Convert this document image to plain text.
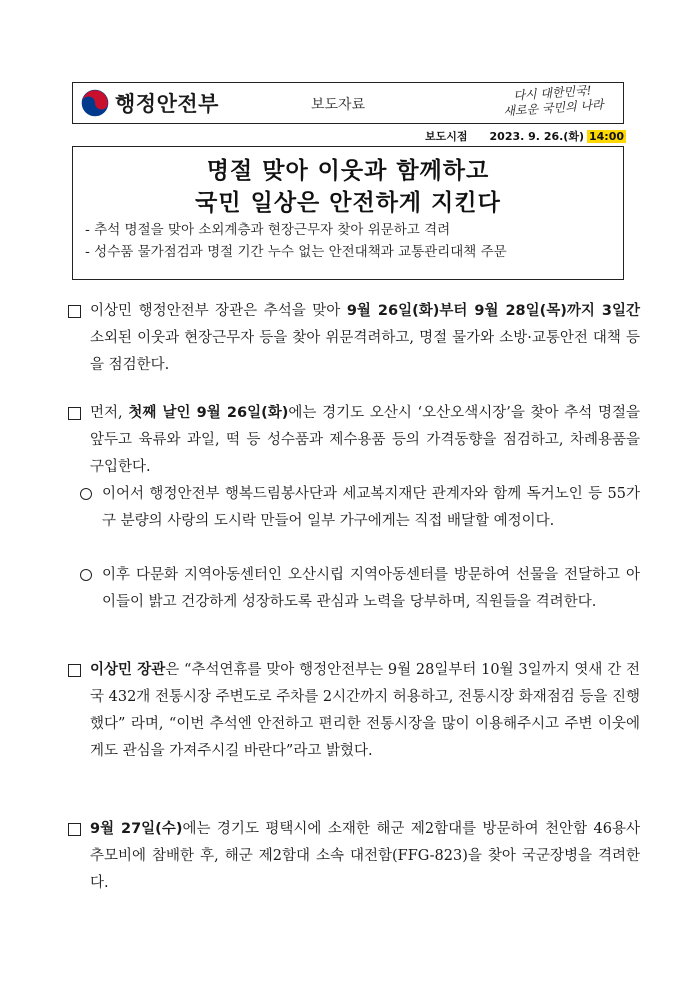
행정안전부	보도자료
다시 대한민국!
새로운 국민의 나라
보도시점 2023. 9. 26.(화) 14:00
명절 맞아 이웃과 함께하고
국민 일상은 안전하게 지킨다
- 추석 명절을 맞아 소외계층과 현장근무자 찾아 위문하고 격려
- 성수품 물가점검과 명절 기간 누수 없는 안전대책과 교통관리대책 주문

이상민 행정안전부 장관은 추석을 맞아 9월 26일(화)부터 9월 28일(목)까지 3일간 소외된 이웃과 현장근무자 등을 찾아 위문격려하고, 명절 물가와 소방·교통안전 대책 등을 점검한다.

먼저, 첫째 날인 9월 26일(화)에는 경기도 오산시 ‘오산오색시장’을 찾아 추석 명절을 앞두고 육류와 과일, 떡 등 성수품과 제수용품 등의 가격동향을 점검하고, 차례용품을 구입한다.

이어서 행정안전부 행복드림봉사단과 세교복지재단 관계자와 함께 독거노인 등 55가구 분량의 사랑의 도시락 만들어 일부 가구에게는 직접 배달할 예정이다.

이후 다문화 지역아동센터인 오산시립 지역아동센터를 방문하여 선물을 전달하고 아이들이 밝고 건강하게 성장하도록 관심과 노력을 당부하며, 직원들을 격려한다.

이상민 장관은 “추석연휴를 맞아 행정안전부는 9월 28일부터 10월 3일까지 엿새 간 전국 432개 전통시장 주변도로 주차를 2시간까지 허용하고, 전통시장 화재점검 등을 진행했다” 라며, “이번 추석엔 안전하고 편리한 전통시장을 많이 이용해주시고 주변 이웃에게도 관심을 가져주시길 바란다”라고 밝혔다.

9월 27일(수)에는 경기도 평택시에 소재한 해군 제2함대를 방문하여 천안함 46용사 추모비에 참배한 후, 해군 제2함대 소속 대전함(FFG-823)을 찾아 국군장병을 격려한다.
